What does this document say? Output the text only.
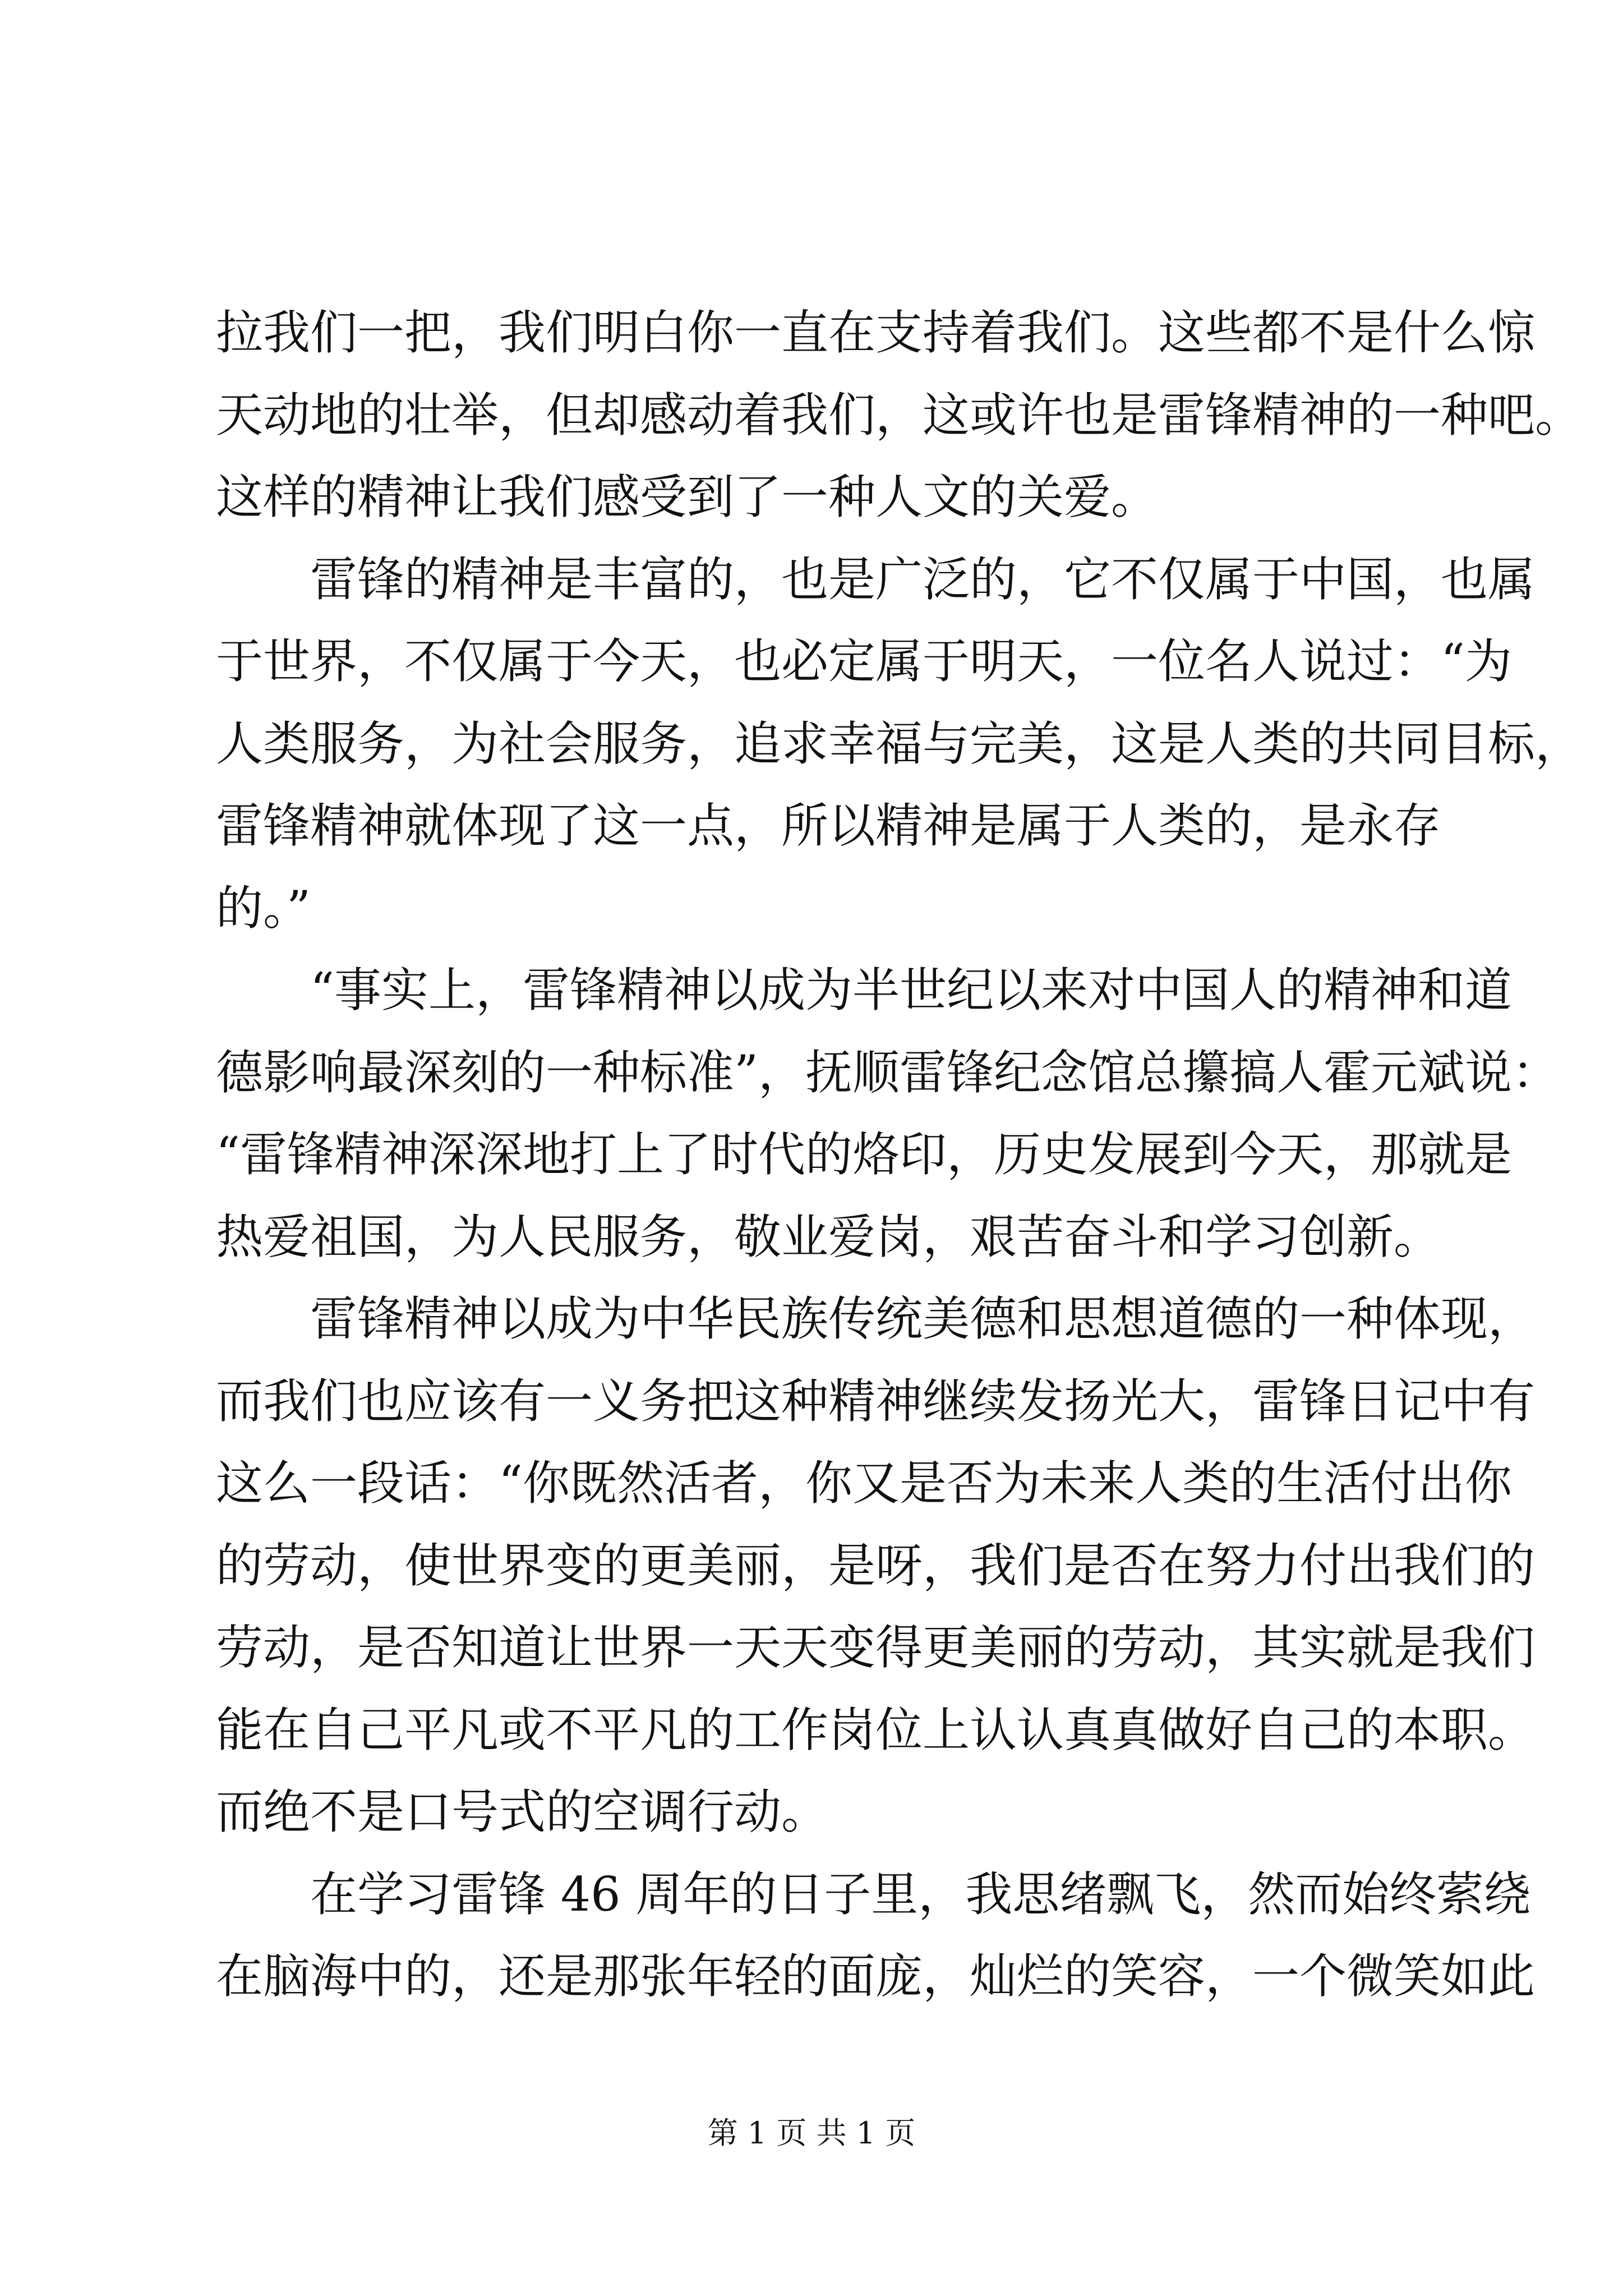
拉我们一把，我们明白你一直在支持着我们。这些都不是什么惊
天动地的壮举，但却感动着我们，这或许也是雷锋精神的一种吧。
这样的精神让我们感受到了一种人文的关爱。
雷锋的精神是丰富的，也是广泛的，它不仅属于中国，也属
于世界，不仅属于今天，也必定属于明天，一位名人说过：“为
人类服务，为社会服务，追求幸福与完美，这是人类的共同目标，
雷锋精神就体现了这一点，所以精神是属于人类的，是永存
的。”
“事实上，雷锋精神以成为半世纪以来对中国人的精神和道
德影响最深刻的一种标准”，抚顺雷锋纪念馆总攥搞人霍元斌说：
“雷锋精神深深地打上了时代的烙印，历史发展到今天，那就是
热爱祖国，为人民服务，敬业爱岗，艰苦奋斗和学习创新。
雷锋精神以成为中华民族传统美德和思想道德的一种体现，
而我们也应该有一义务把这种精神继续发扬光大，雷锋日记中有
这么一段话：“你既然活者，你又是否为未来人类的生活付出你
的劳动，使世界变的更美丽，是呀，我们是否在努力付出我们的
劳动，是否知道让世界一天天变得更美丽的劳动，其实就是我们
能在自己平凡或不平凡的工作岗位上认认真真做好自己的本职。
而绝不是口号式的空调行动。
在学习雷锋 46 周年的日子里，我思绪飘飞，然而始终萦绕
在脑海中的，还是那张年轻的面庞，灿烂的笑容，一个微笑如此
第 1 页 共 1 页
